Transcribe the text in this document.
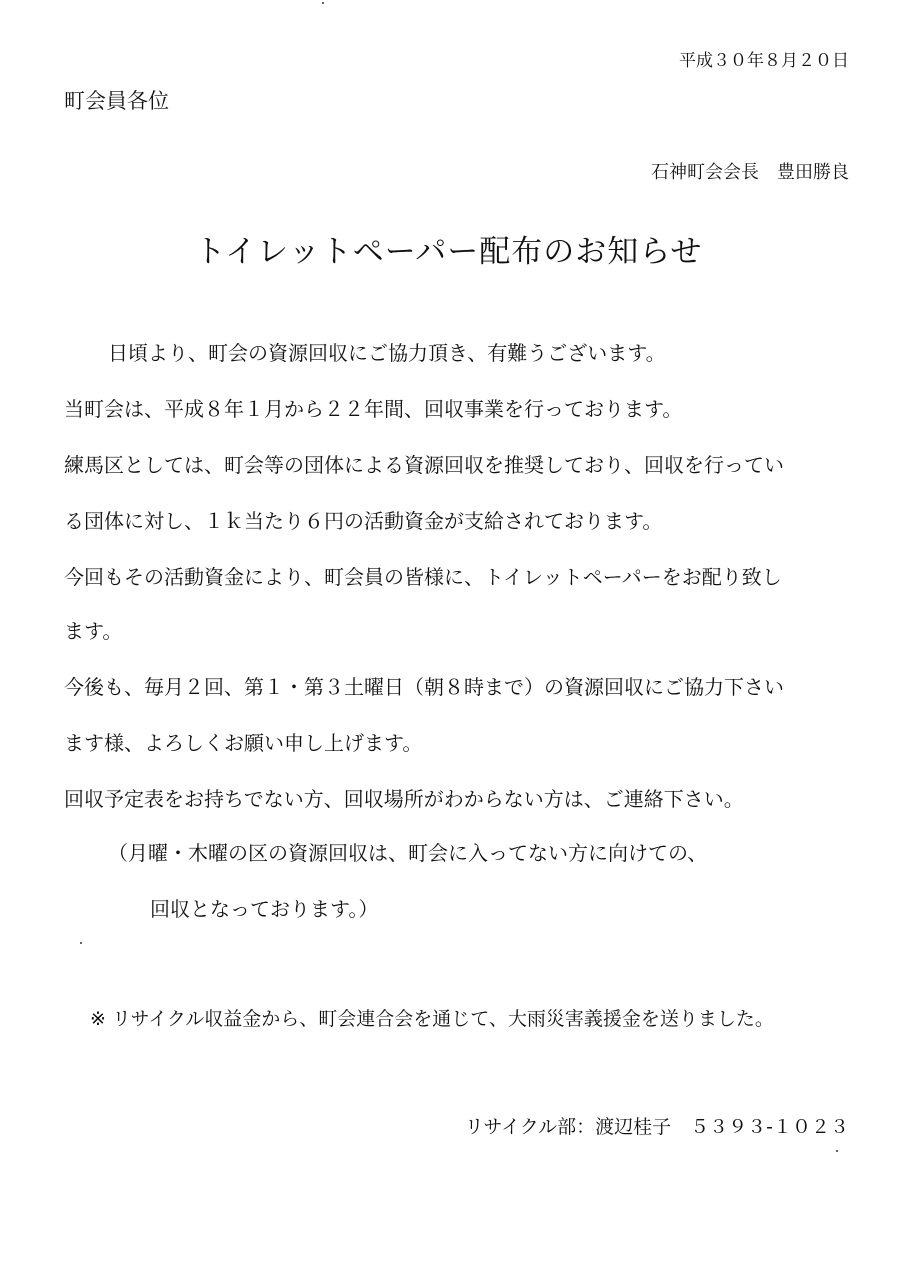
平成３０年８月２０日
町会員各位
石神町会会長　豊田勝良
トイレットペーパー配布のお知らせ
日頃より、町会の資源回収にご協力頂き、有難うございます。
当町会は、平成８年１月から２２年間、回収事業を行っております。
練馬区としては、町会等の団体による資源回収を推奨しており、回収を行ってい
る団体に対し、１ｋ当たり６円の活動資金が支給されております。
今回もその活動資金により、町会員の皆様に、トイレットペーパーをお配り致し
ます。
今後も、毎月２回、第１・第３土曜日（朝８時まで）の資源回収にご協力下さい
ます様、よろしくお願い申し上げます。
回収予定表をお持ちでない方、回収場所がわからない方は、ご連絡下さい。
（月曜・木曜の区の資源回収は、町会に入ってない方に向けての、
回収となっております。）
※ リサイクル収益金から、町会連合会を通じて、大雨災害義援金を送りました。
リサイクル部：渡辺桂子　５３９３-１０２３
